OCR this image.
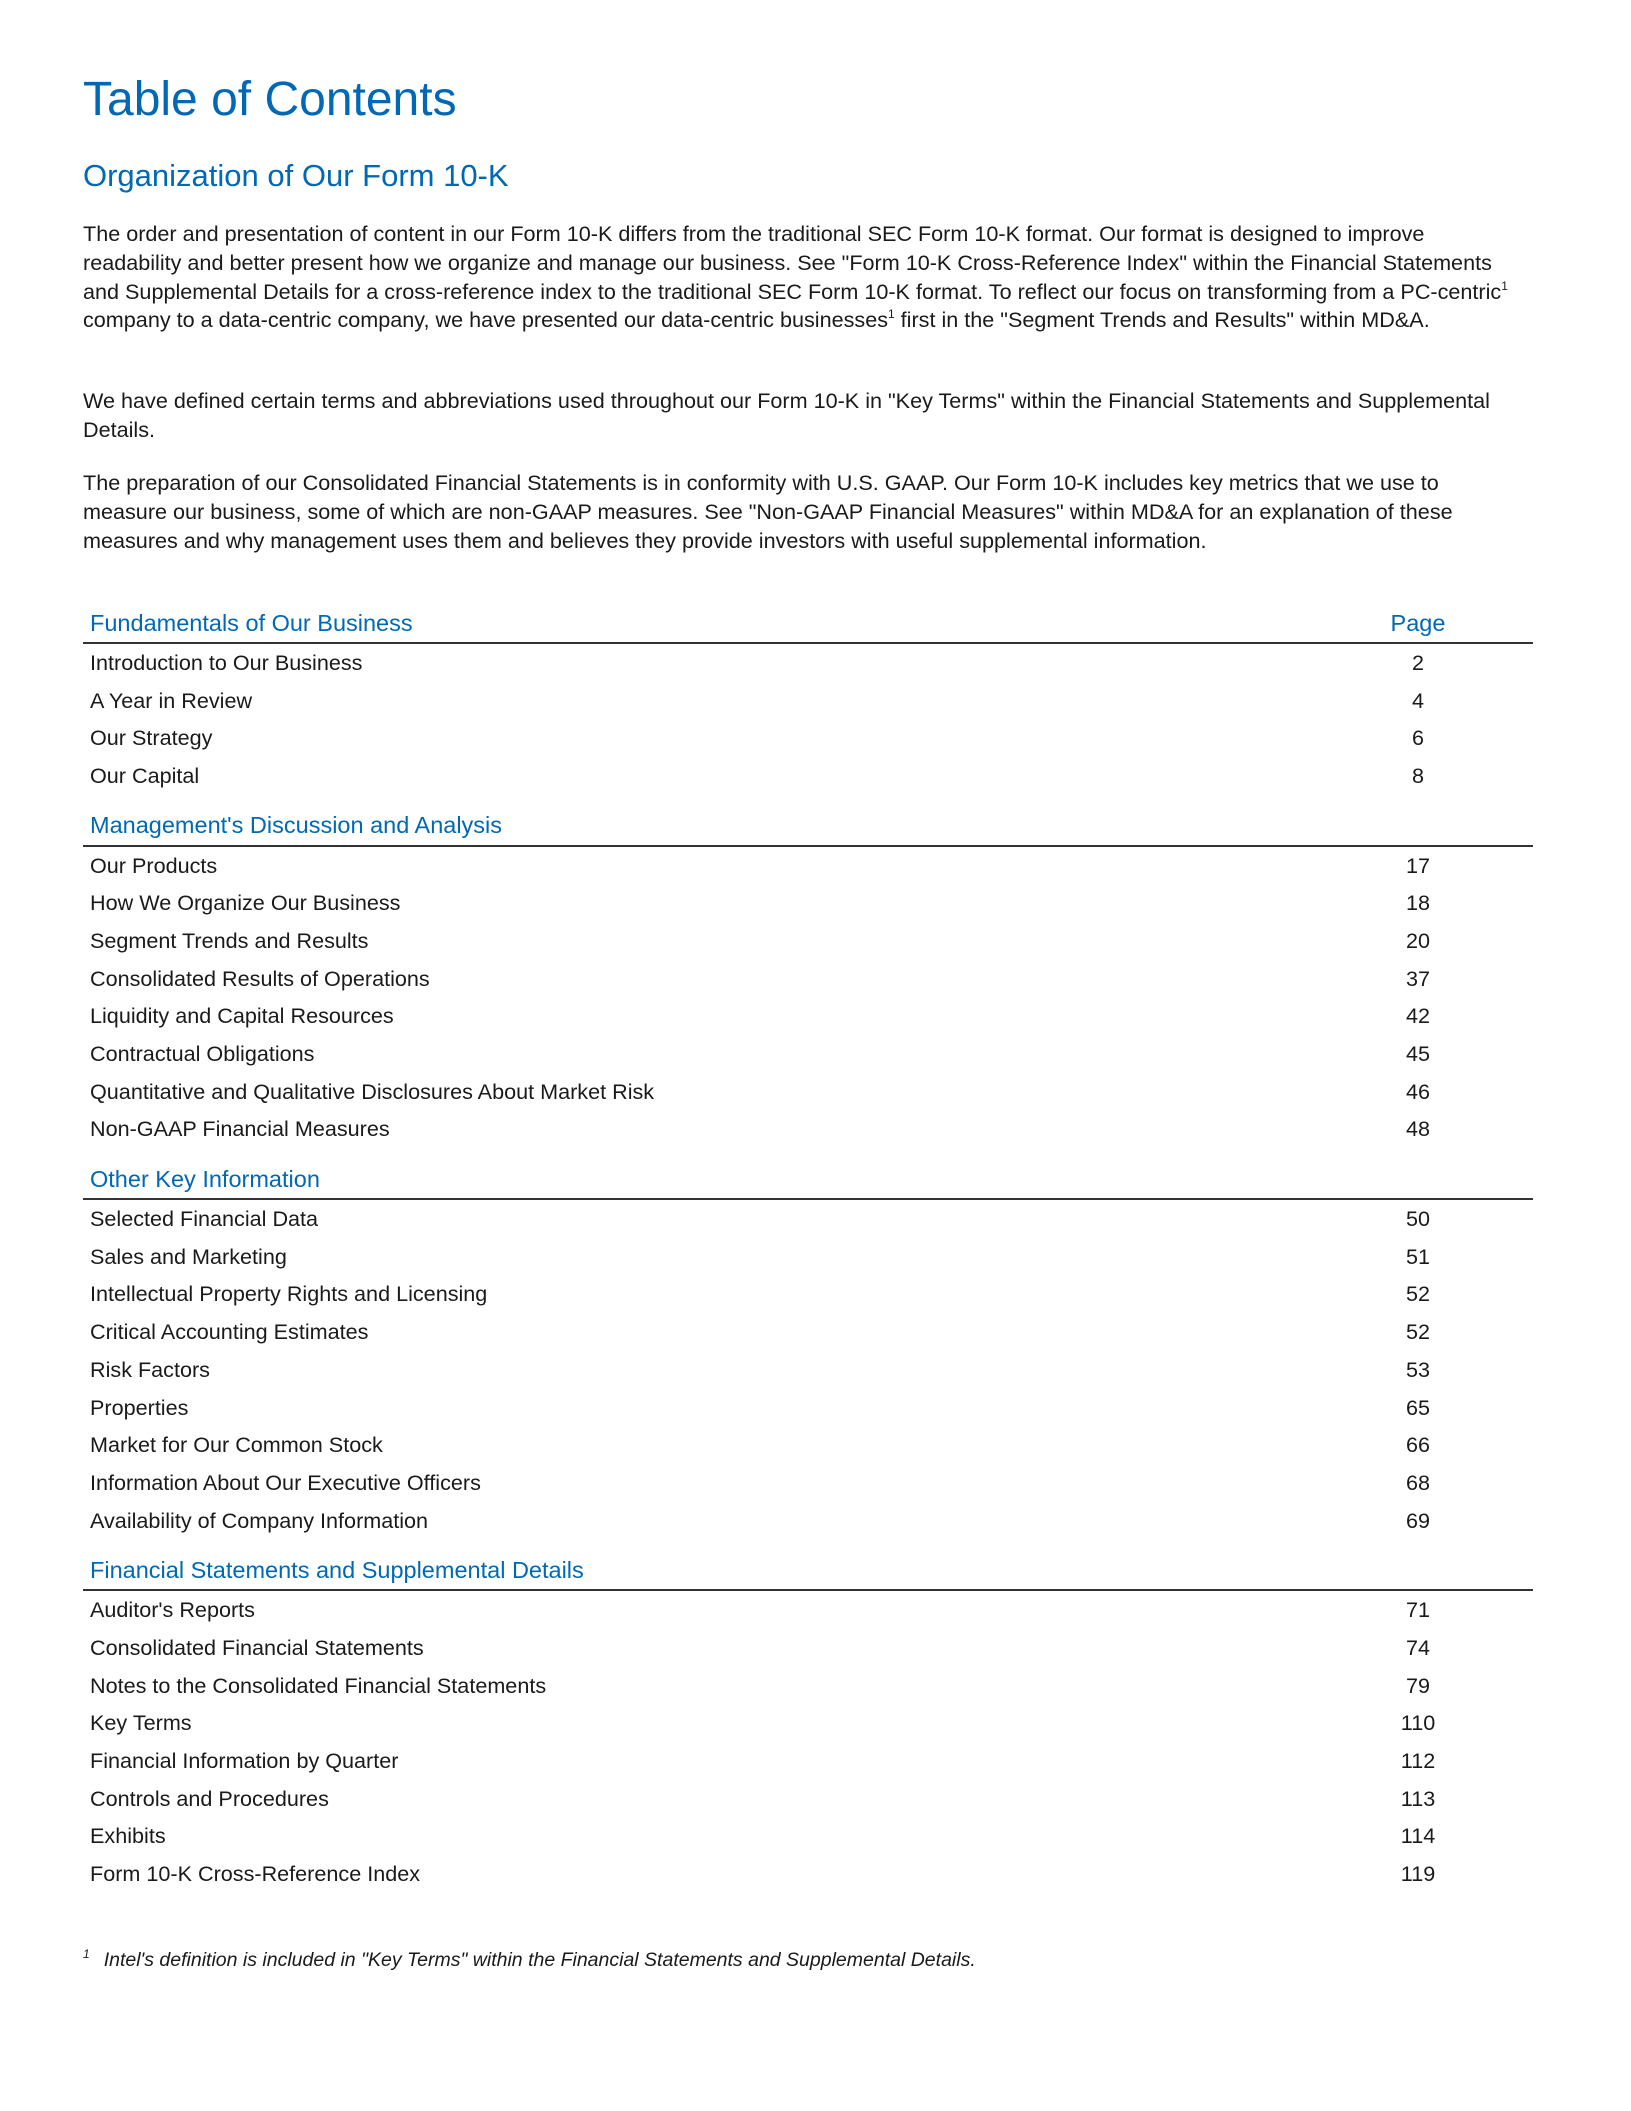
Table of Contents
Organization of Our Form 10-K

The order and presentation of content in our Form 10-K differs from the traditional SEC Form 10-K format. Our format is designed to improve readability and better present how we organize and manage our business. See "Form 10-K Cross-Reference Index" within the Financial Statements and Supplemental Details for a cross-reference index to the traditional SEC Form 10-K format. To reflect our focus on transforming from a PC-centric$^1$ company to a data-centric company, we have presented our data-centric businesses$^1$ first in the "Segment Trends and Results" within MD&A.

We have defined certain terms and abbreviations used throughout our Form 10-K in "Key Terms" within the Financial Statements and Supplemental Details.

The preparation of our Consolidated Financial Statements is in conformity with U.S. GAAP. Our Form 10-K includes key metrics that we use to measure our business, some of which are non-GAAP measures. See "Non-GAAP Financial Measures" within MD&A for an explanation of these measures and why management uses them and believes they provide investors with useful supplemental information.

Fundamentals of Our Business	Page
Introduction to Our Business	2
A Year in Review	4
Our Strategy	6
Our Capital	8
Management's Discussion and Analysis
Our Products	17
How We Organize Our Business	18
Segment Trends and Results	20
Consolidated Results of Operations	37
Liquidity and Capital Resources	42
Contractual Obligations	45
Quantitative and Qualitative Disclosures About Market Risk	46
Non-GAAP Financial Measures	48
Other Key Information
Selected Financial Data	50
Sales and Marketing	51
Intellectual Property Rights and Licensing	52
Critical Accounting Estimates	52
Risk Factors	53
Properties	65
Market for Our Common Stock	66
Information About Our Executive Officers	68
Availability of Company Information	69
Financial Statements and Supplemental Details
Auditor's Reports	71
Consolidated Financial Statements	74
Notes to the Consolidated Financial Statements	79
Key Terms	110
Financial Information by Quarter	112
Controls and Procedures	113
Exhibits	114
Form 10-K Cross-Reference Index	119
$^1$ Intel's definition is included in "Key Terms" within the Financial Statements and Supplemental Details.
